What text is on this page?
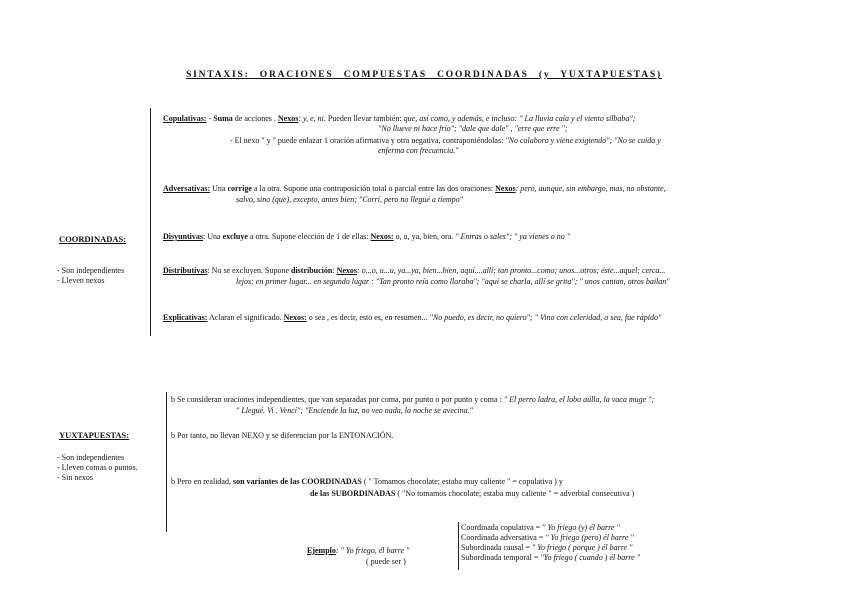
SINTAXIS: ORACIONES COMPUESTAS COORDINADAS (y YUXTAPUESTAS)
COORDINADAS:
- Son independientes
- Lleven nexos
Copulativas: - Suma de acciones . Nexos: y, e, ni. Pueden llevar también: que, así como, y además, e incluso: " La lluvia caía y el viento silbaba";
"No llueve ni hace frío"; "dale que dale" , "erre que erre ";
- El nexo " y " puede enlazar 1 oración afirmativa y otra negativa, contraponiéndolas: "No colaboro y viene exigiendo"; "No se cuida y
enferma con frecuencia."
Adversativas: Una corrige a la otra. Supone una contraposición total o parcial entre las dos oraciones: Nexos: pero, aunque, sin embargo, mas, no obstante,
salvo, sino (que), excepto, antes bien; "Corrí, pero no llegué a tiempo"
Disyuntivas: Una excluye a otra. Supone elección de 1 de ellas: Nexos: o, u, ya, bien, ora. " Entras o sales"; " ya vienes o no "
Distributivas: No se excluyen. Supone distribución: Nexos: o...o, u...u, ya...ya, bien...bien, aquí....allí; tan pronto...como; unos...otros; éste...aquel; cerca...
lejos; en primer lugar... en segundo lugar : "Tan pronto reía como lloraba"; "aquí se charla, allí se grita"; " unos cantan, otros bailan"
Explicativas: Aclaran el significado. Nexos: o sea , es decir, esto es, en resumen... "No puedo, es decir, no quiero"; " Vino con celeridad, o sea, fue rápido"
YUXTAPUESTAS:
- Son independientes
- Lleven comas o puntos.
- Sin nexos
b Se consideran oraciones independientes, que van separadas por coma, por punto o por punto y coma : " El perro ladra, el lobo aúlla, la vaca muge ";
" Llegué. Vi . Vencí"; "Enciende la luz, no veo nada, la noche se avecina."
b Por tanto, no llevan NEXO y se diferencian por la ENTONACIÓN.
b Pero en realidad, son variantes de las COORDINADAS ( " Tomamos chocolate; estaba muy caliente " = copulativa ) y
de las SUBORDINADAS ( "No tomamos chocolate; estaba muy caliente " = adverbial consecutiva )
Ejemplo: " Yo friego, él barre "
( puede ser )
Coordinada copulativa = " Yo friego (y) él barre "
Coordinada adversativa = " Yo friego (pero) él barre "
Subordinada causal = " Yo friego ( porque ) él barre "
Subordinada temporal = "Yo friego ( cuando ) él barre "
